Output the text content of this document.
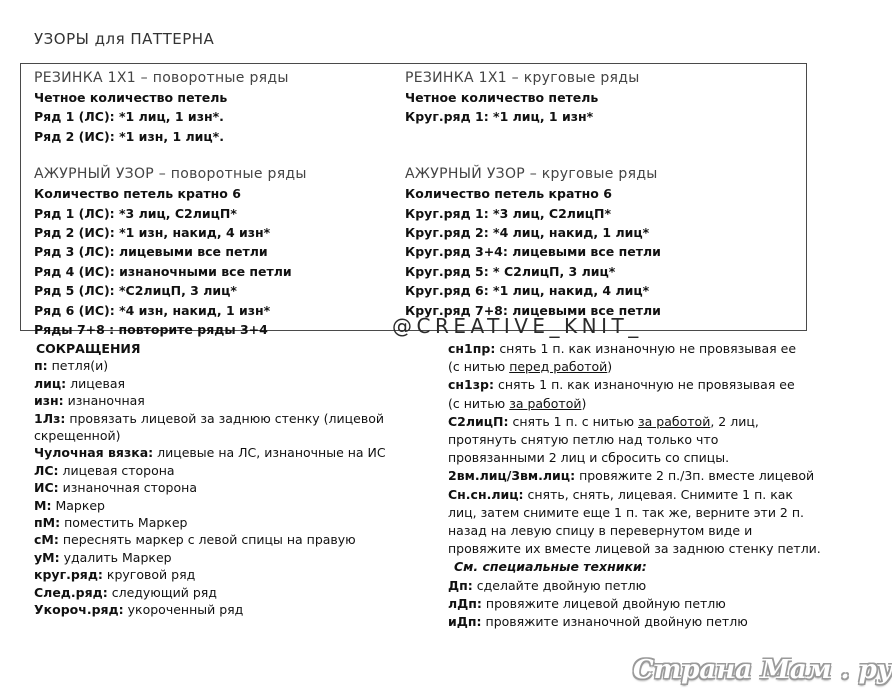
УЗОРЫ для ПАТТЕРНА
РЕЗИНКА 1Х1 – поворотные ряды
Четное количество петель
Ряд 1 (ЛС): *1 лиц, 1 изн*.
Ряд 2 (ИС): *1 изн, 1 лиц*.
АЖУРНЫЙ УЗОР – поворотные ряды
Количество петель кратно 6
Ряд 1 (ЛС): *3 лиц, С2лицП*
Ряд 2 (ИС): *1 изн, накид, 4 изн*
Ряд 3 (ЛС): лицевыми все петли
Ряд 4 (ИС): изнаночными все петли
Ряд 5 (ЛС): *С2лицП, 3 лиц*
Ряд 6 (ИС): *4 изн, накид, 1 изн*
Ряды 7+8 : повторите ряды 3+4
РЕЗИНКА 1Х1 – круговые ряды
Четное количество петель
Круг.ряд 1: *1 лиц, 1 изн*
АЖУРНЫЙ УЗОР – круговые ряды
Количество петель кратно 6
Круг.ряд 1: *3 лиц, С2лицП*
Круг.ряд 2: *4 лиц, накид, 1 лиц*
Круг.ряд 3+4: лицевыми все петли
Круг.ряд 5: * С2лицП, 3 лиц*
Круг.ряд 6: *1 лиц, накид, 4 лиц*
Круг.ряд 7+8: лицевыми все петли
@CREATIVE_KNIT_
СОКРАЩЕНИЯ
п: петля(и)
лиц: лицевая
изн: изнаночная
1Лз: провязать лицевой за заднюю стенку (лицевой
скрещенной)
Чулочная вязка: лицевые на ЛС, изнаночные на ИС
ЛС: лицевая сторона
ИС: изнаночная сторона
М: Маркер
пМ: поместить Маркер
сМ: переснять маркер с левой спицы на правую
уМ: удалить Маркер
круг.ряд: круговой ряд
След.ряд: следующий ряд
Укороч.ряд: укороченный ряд
сн1пр: снять 1 п. как изнаночную не провязывая ее
(с нитью перед работой)
сн1зр: снять 1 п. как изнаночную не провязывая ее
(с нитью за работой)
С2лицП: снять 1 п. с нитью за работой, 2 лиц,
протянуть снятую петлю над только что
провязанными 2 лиц и сбросить со спицы.
2вм.лиц/3вм.лиц: провяжите 2 п./3п. вместе лицевой
Сн.сн.лиц: снять, снять, лицевая. Снимите 1 п. как
лиц, затем снимите еще 1 п. так же, верните эти 2 п.
назад на левую спицу в перевернутом виде и
провяжите их вместе лицевой за заднюю стенку петли.
См. специальные техники:
Дп: сделайте двойную петлю
лДп: провяжите лицевой двойную петлю
иДп: провяжите изнаночной двойную петлю
Страна Мам . ру
